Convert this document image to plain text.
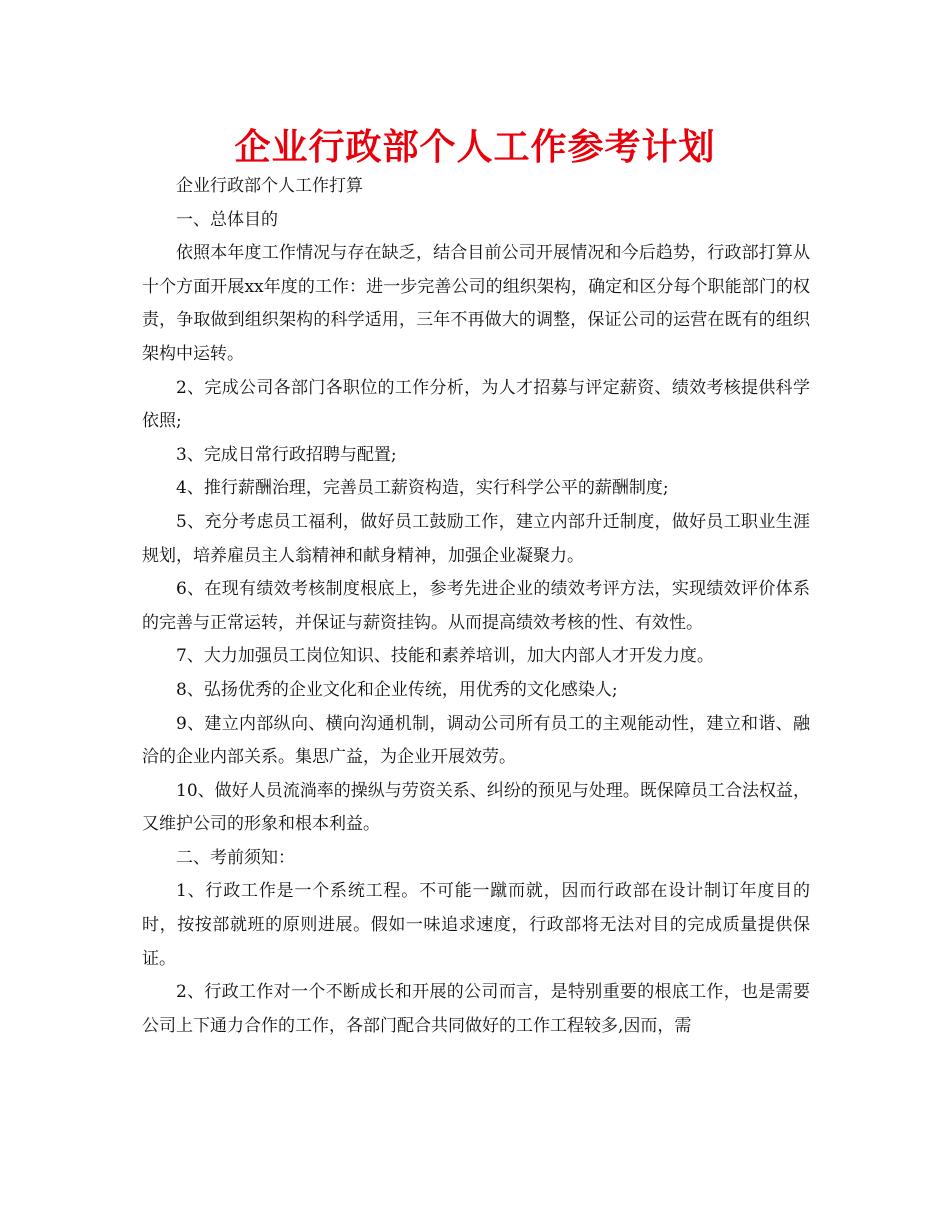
企业行政部个人工作参考计划

企业行政部个人工作打算

一、总体目的

依照本年度工作情况与存在缺乏，结合目前公司开展情况和今后趋势，行政部打算从十个方面开展xx年度的工作：进一步完善公司的组织架构，确定和区分每个职能部门的权责，争取做到组织架构的科学适用，三年不再做大的调整，保证公司的运营在既有的组织架构中运转。

2、完成公司各部门各职位的工作分析，为人才招募与评定薪资、绩效考核提供科学依照;

3、完成日常行政招聘与配置;

4、推行薪酬治理，完善员工薪资构造，实行科学公平的薪酬制度;

5、充分考虑员工福利，做好员工鼓励工作，建立内部升迁制度，做好员工职业生涯规划，培养雇员主人翁精神和献身精神，加强企业凝聚力。

6、在现有绩效考核制度根底上，参考先进企业的绩效考评方法，实现绩效评价体系的完善与正常运转，并保证与薪资挂钩。从而提高绩效考核的性、有效性。

7、大力加强员工岗位知识、技能和素养培训，加大内部人才开发力度。

8、弘扬优秀的企业文化和企业传统，用优秀的文化感染人;

9、建立内部纵向、横向沟通机制，调动公司所有员工的主观能动性，建立和谐、融洽的企业内部关系。集思广益，为企业开展效劳。

10、做好人员流淌率的操纵与劳资关系、纠纷的预见与处理。既保障员工合法权益，又维护公司的形象和根本利益。

二、考前须知：

1、行政工作是一个系统工程。不可能一蹴而就，因而行政部在设计制订年度目的时，按按部就班的原则进展。假如一味追求速度，行政部将无法对目的完成质量提供保证。

2、行政工作对一个不断成长和开展的公司而言，是特别重要的根底工作，也是需要公司上下通力合作的工作，各部门配合共同做好的工作工程较多,因而，需
